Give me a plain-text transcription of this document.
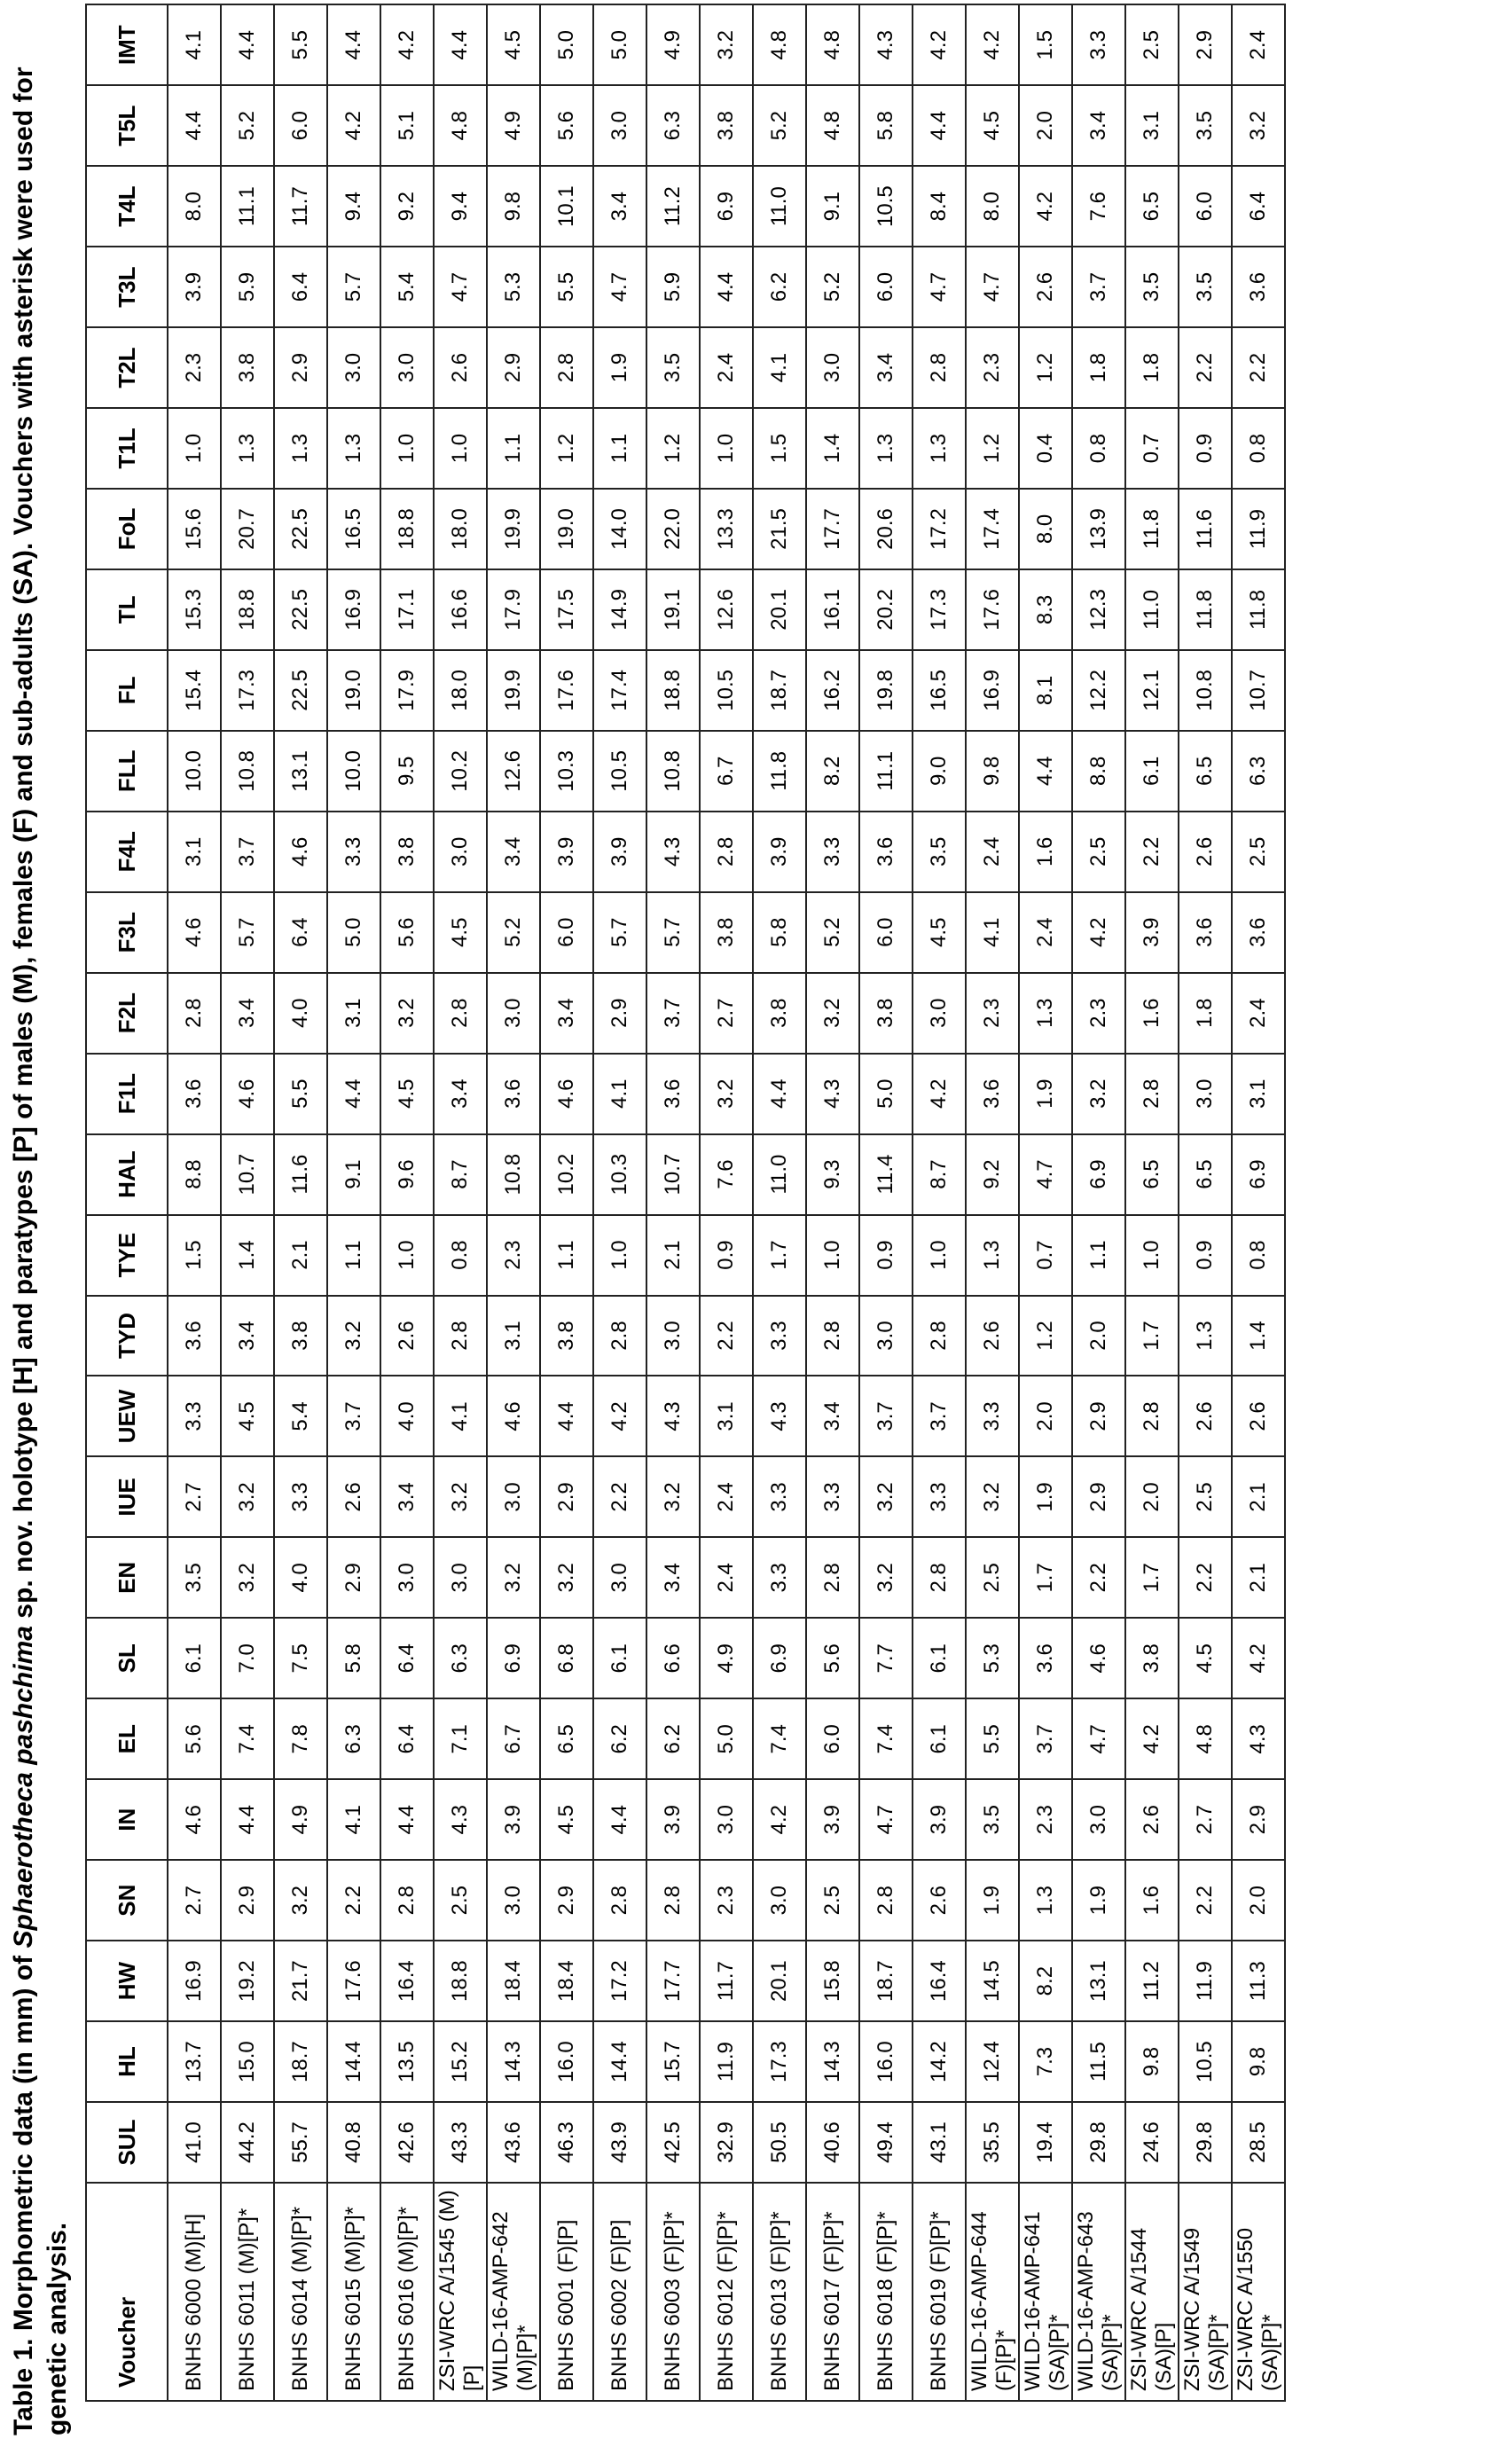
Table 1. Morphometric data (in mm) of Sphaerotheca pashchima sp. nov. holotype [H] and paratypes [P] of males (M), females (F) and sub-adults (SA). Vouchers with asterisk were used for genetic analysis. Voucher	SUL	HL	HW	SN	IN	EL	SL	EN	IUE	UEW	TYD	TYE	HAL	F1L	F2L	F3L	F4L	FLL	FL	TL	FoL	T1L	T2L	T3L	T4L	T5L	IMT
BNHS 6000 (M)[H]	41.0	13.7	16.9	2.7	4.6	5.6	6.1	3.5	2.7	3.3	3.6	1.5	8.8	3.6	2.8	4.6	3.1	10.0	15.4	15.3	15.6	1.0	2.3	3.9	8.0	4.4	4.1
BNHS 6011 (M)[P]*	44.2	15.0	19.2	2.9	4.4	7.4	7.0	3.2	3.2	4.5	3.4	1.4	10.7	4.6	3.4	5.7	3.7	10.8	17.3	18.8	20.7	1.3	3.8	5.9	11.1	5.2	4.4
BNHS 6014 (M)[P]*	55.7	18.7	21.7	3.2	4.9	7.8	7.5	4.0	3.3	5.4	3.8	2.1	11.6	5.5	4.0	6.4	4.6	13.1	22.5	22.5	22.5	1.3	2.9	6.4	11.7	6.0	5.5
BNHS 6015 (M)[P]*	40.8	14.4	17.6	2.2	4.1	6.3	5.8	2.9	2.6	3.7	3.2	1.1	9.1	4.4	3.1	5.0	3.3	10.0	19.0	16.9	16.5	1.3	3.0	5.7	9.4	4.2	4.4
BNHS 6016 (M)[P]*	42.6	13.5	16.4	2.8	4.4	6.4	6.4	3.0	3.4	4.0	2.6	1.0	9.6	4.5	3.2	5.6	3.8	9.5	17.9	17.1	18.8	1.0	3.0	5.4	9.2	5.1	4.2
ZSI-WRC A/1545 (M)[P]	43.3	15.2	18.8	2.5	4.3	7.1	6.3	3.0	3.2	4.1	2.8	0.8	8.7	3.4	2.8	4.5	3.0	10.2	18.0	16.6	18.0	1.0	2.6	4.7	9.4	4.8	4.4
WILD-16-AMP-642 (M)[P]*	43.6	14.3	18.4	3.0	3.9	6.7	6.9	3.2	3.0	4.6	3.1	2.3	10.8	3.6	3.0	5.2	3.4	12.6	19.9	17.9	19.9	1.1	2.9	5.3	9.8	4.9	4.5
BNHS 6001 (F)[P]	46.3	16.0	18.4	2.9	4.5	6.5	6.8	3.2	2.9	4.4	3.8	1.1	10.2	4.6	3.4	6.0	3.9	10.3	17.6	17.5	19.0	1.2	2.8	5.5	10.1	5.6	5.0
BNHS 6002 (F)[P]	43.9	14.4	17.2	2.8	4.4	6.2	6.1	3.0	2.2	4.2	2.8	1.0	10.3	4.1	2.9	5.7	3.9	10.5	17.4	14.9	14.0	1.1	1.9	4.7	3.4	3.0	5.0
BNHS 6003 (F)[P]*	42.5	15.7	17.7	2.8	3.9	6.2	6.6	3.4	3.2	4.3	3.0	2.1	10.7	3.6	3.7	5.7	4.3	10.8	18.8	19.1	22.0	1.2	3.5	5.9	11.2	6.3	4.9
BNHS 6012 (F)[P]*	32.9	11.9	11.7	2.3	3.0	5.0	4.9	2.4	2.4	3.1	2.2	0.9	7.6	3.2	2.7	3.8	2.8	6.7	10.5	12.6	13.3	1.0	2.4	4.4	6.9	3.8	3.2
BNHS 6013 (F)[P]*	50.5	17.3	20.1	3.0	4.2	7.4	6.9	3.3	3.3	4.3	3.3	1.7	11.0	4.4	3.8	5.8	3.9	11.8	18.7	20.1	21.5	1.5	4.1	6.2	11.0	5.2	4.8
BNHS 6017 (F)[P]*	40.6	14.3	15.8	2.5	3.9	6.0	5.6	2.8	3.3	3.4	2.8	1.0	9.3	4.3	3.2	5.2	3.3	8.2	16.2	16.1	17.7	1.4	3.0	5.2	9.1	4.8	4.8
BNHS 6018 (F)[P]*	49.4	16.0	18.7	2.8	4.7	7.4	7.7	3.2	3.2	3.7	3.0	0.9	11.4	5.0	3.8	6.0	3.6	11.1	19.8	20.2	20.6	1.3	3.4	6.0	10.5	5.8	4.3
BNHS 6019 (F)[P]*	43.1	14.2	16.4	2.6	3.9	6.1	6.1	2.8	3.3	3.7	2.8	1.0	8.7	4.2	3.0	4.5	3.5	9.0	16.5	17.3	17.2	1.3	2.8	4.7	8.4	4.4	4.2
WILD-16-AMP-644 (F)[P]*	35.5	12.4	14.5	1.9	3.5	5.5	5.3	2.5	3.2	3.3	2.6	1.3	9.2	3.6	2.3	4.1	2.4	9.8	16.9	17.6	17.4	1.2	2.3	4.7	8.0	4.5	4.2
WILD-16-AMP-641 (SA)[P]*	19.4	7.3	8.2	1.3	2.3	3.7	3.6	1.7	1.9	2.0	1.2	0.7	4.7	1.9	1.3	2.4	1.6	4.4	8.1	8.3	8.0	0.4	1.2	2.6	4.2	2.0	1.5
WILD-16-AMP-643 (SA)[P]*	29.8	11.5	13.1	1.9	3.0	4.7	4.6	2.2	2.9	2.9	2.0	1.1	6.9	3.2	2.3	4.2	2.5	8.8	12.2	12.3	13.9	0.8	1.8	3.7	7.6	3.4	3.3
ZSI-WRC A/1544 (SA)[P]	24.6	9.8	11.2	1.6	2.6	4.2	3.8	1.7	2.0	2.8	1.7	1.0	6.5	2.8	1.6	3.9	2.2	6.1	12.1	11.0	11.8	0.7	1.8	3.5	6.5	3.1	2.5
ZSI-WRC A/1549 (SA)[P]*	29.8	10.5	11.9	2.2	2.7	4.8	4.5	2.2	2.5	2.6	1.3	0.9	6.5	3.0	1.8	3.6	2.6	6.5	10.8	11.8	11.6	0.9	2.2	3.5	6.0	3.5	2.9
ZSI-WRC A/1550 (SA)[P]*	28.5	9.8	11.3	2.0	2.9	4.3	4.2	2.1	2.1	2.6	1.4	0.8	6.9	3.1	2.4	3.6	2.5	6.3	10.7	11.8	11.9	0.8	2.2	3.6	6.4	3.2	2.4
